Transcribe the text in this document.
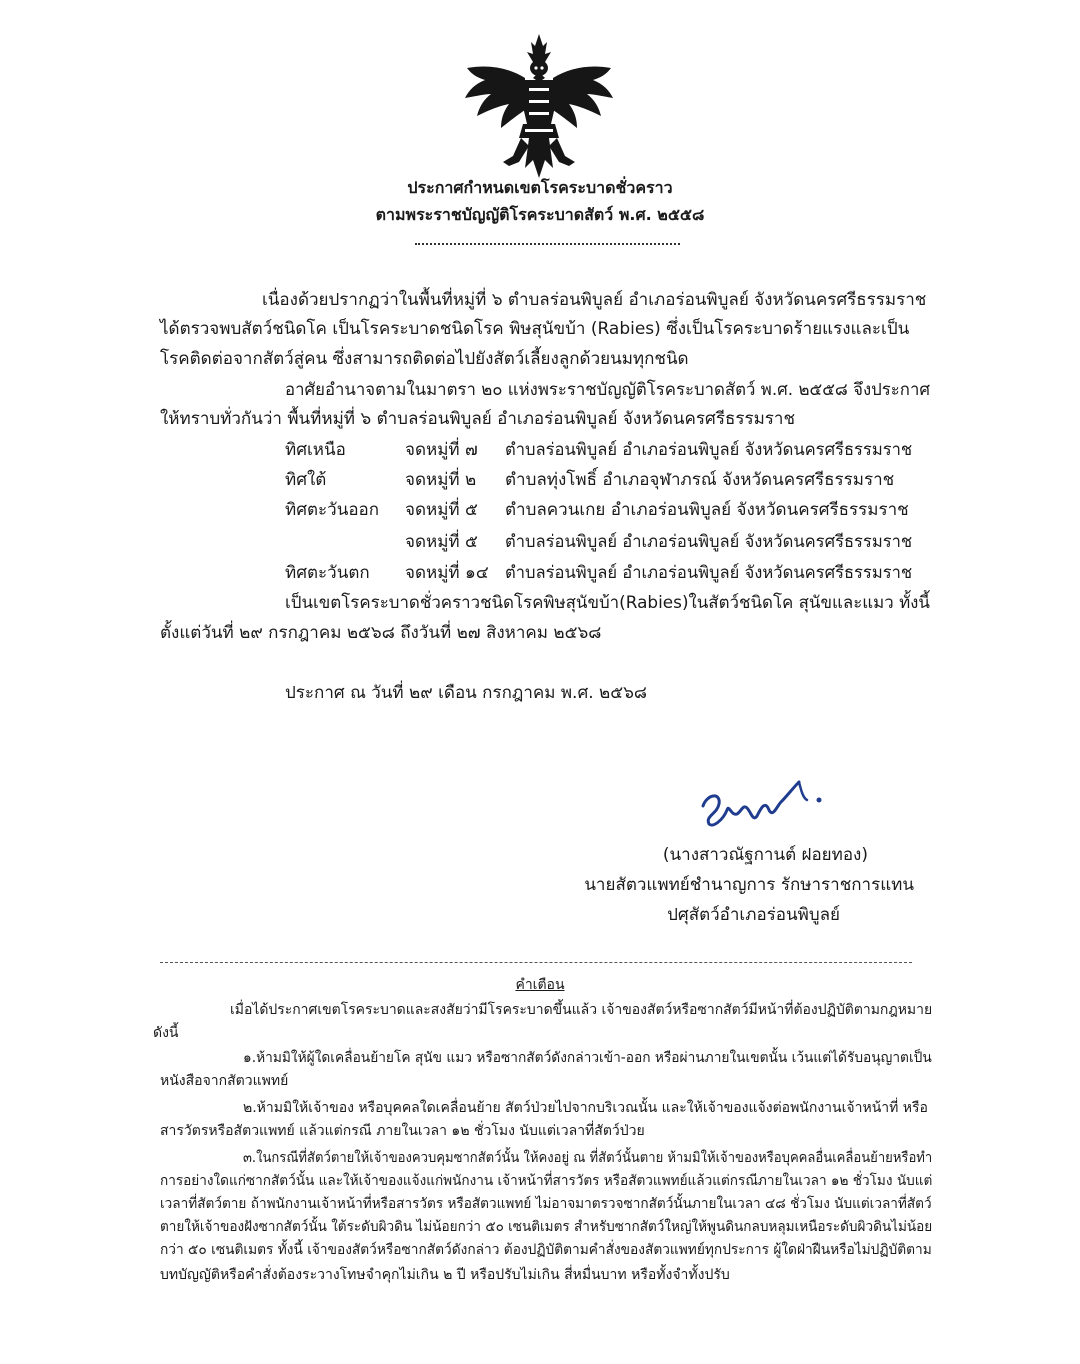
ประกาศกำหนดเขตโรคระบาดชั่วคราว
ตามพระราชบัญญัติโรคระบาดสัตว์ พ.ศ. ๒๕๕๘
เนื่องด้วยปรากฏว่าในพื้นที่หมู่ที่ ๖ ตำบลร่อนพิบูลย์ อำเภอร่อนพิบูลย์ จังหวัดนครศรีธรรมราช
ได้ตรวจพบสัตว์ชนิดโค เป็นโรคระบาดชนิดโรค พิษสุนัขบ้า (Rabies) ซึ่งเป็นโรคระบาดร้ายแรงและเป็น
โรคติดต่อจากสัตว์สู่คน ซึ่งสามารถติดต่อไปยังสัตว์เลี้ยงลูกด้วยนมทุกชนิด
อาศัยอำนาจตามในมาตรา ๒๐ แห่งพระราชบัญญัติโรคระบาดสัตว์ พ.ศ. ๒๕๕๘ จึงประกาศ
ให้ทราบทั่วกันว่า พื้นที่หมู่ที่ ๖ ตำบลร่อนพิบูลย์ อำเภอร่อนพิบูลย์ จังหวัดนครศรีธรรมราช
ทิศเหนือ	จดหมู่ที่ ๗ ตำบลร่อนพิบูลย์ อำเภอร่อนพิบูลย์ จังหวัดนครศรีธรรมราช
ทิศใต้	จดหมู่ที่ ๒ ตำบลทุ่งโพธิ์ อำเภอจุฬาภรณ์ จังหวัดนครศรีธรรมราช
ทิศตะวันออก จดหมู่ที่ ๕ ตำบลควนเกย อำเภอร่อนพิบูลย์ จังหวัดนครศรีธรรมราช
จดหมู่ที่ ๕ ตำบลร่อนพิบูลย์ อำเภอร่อนพิบูลย์ จังหวัดนครศรีธรรมราช
ทิศตะวันตก จดหมู่ที่ ๑๔ ตำบลร่อนพิบูลย์ อำเภอร่อนพิบูลย์ จังหวัดนครศรีธรรมราช
เป็นเขตโรคระบาดชั่วคราวชนิดโรคพิษสุนัขบ้า(Rabies)ในสัตว์ชนิดโค สุนัขและแมว ทั้งนี้
ตั้งแต่วันที่ ๒๙ กรกฎาคม ๒๕๖๘ ถึงวันที่ ๒๗ สิงหาคม ๒๕๖๘
ประกาศ ณ วันที่ ๒๙ เดือน กรกฎาคม พ.ศ. ๒๕๖๘
(นางสาวณัฐกานต์ ฝอยทอง)
นายสัตวแพทย์ชำนาญการ รักษาราชการแทน
ปศุสัตว์อำเภอร่อนพิบูลย์
คำเตือน
เมื่อได้ประกาศเขตโรคระบาดและสงสัยว่ามีโรคระบาดขึ้นแล้ว เจ้าของสัตว์หรือซากสัตว์มีหน้าที่ต้องปฏิบัติตามกฎหมาย
ดังนี้
๑.ห้ามมิให้ผู้ใดเคลื่อนย้ายโค สุนัข แมว หรือซากสัตว์ดังกล่าวเข้า-ออก หรือผ่านภายในเขตนั้น เว้นแต่ได้รับอนุญาตเป็น
หนังสือจากสัตวแพทย์
๒.ห้ามมิให้เจ้าของ หรือบุคคลใดเคลื่อนย้าย สัตว์ป่วยไปจากบริเวณนั้น และให้เจ้าของแจ้งต่อพนักงานเจ้าหน้าที่ หรือ
สารวัตรหรือสัตวแพทย์ แล้วแต่กรณี ภายในเวลา ๑๒ ชั่วโมง นับแต่เวลาที่สัตว์ป่วย
๓.ในกรณีที่สัตว์ตายให้เจ้าของควบคุมซากสัตว์นั้น ให้คงอยู่ ณ ที่สัตว์นั้นตาย ห้ามมิให้เจ้าของหรือบุคคลอื่นเคลื่อนย้ายหรือทำ
การอย่างใดแก่ซากสัตว์นั้น และให้เจ้าของแจ้งแก่พนักงาน เจ้าหน้าที่สารวัตร หรือสัตวแพทย์แล้วแต่กรณีภายในเวลา ๑๒ ชั่วโมง นับแต่
เวลาที่สัตว์ตาย ถ้าพนักงานเจ้าหน้าที่หรือสารวัตร หรือสัตวแพทย์ ไม่อาจมาตรวจซากสัตว์นั้นภายในเวลา ๔๘ ชั่วโมง นับแต่เวลาที่สัตว์
ตายให้เจ้าของฝังซากสัตว์นั้น ใต้ระดับผิวดิน ไม่น้อยกว่า ๕๐ เซนติเมตร สำหรับซากสัตว์ใหญ่ให้พูนดินกลบหลุมเหนือระดับผิวดินไม่น้อย
กว่า ๕๐ เซนติเมตร ทั้งนี้ เจ้าของสัตว์หรือซากสัตว์ดังกล่าว ต้องปฏิบัติตามคำสั่งของสัตวแพทย์ทุกประการ ผู้ใดฝ่าฝืนหรือไม่ปฏิบัติตาม
บทบัญญัติหรือคำสั่งต้องระวางโทษจำคุกไม่เกิน ๒ ปี หรือปรับไม่เกิน สี่หมื่นบาท หรือทั้งจำทั้งปรับ
